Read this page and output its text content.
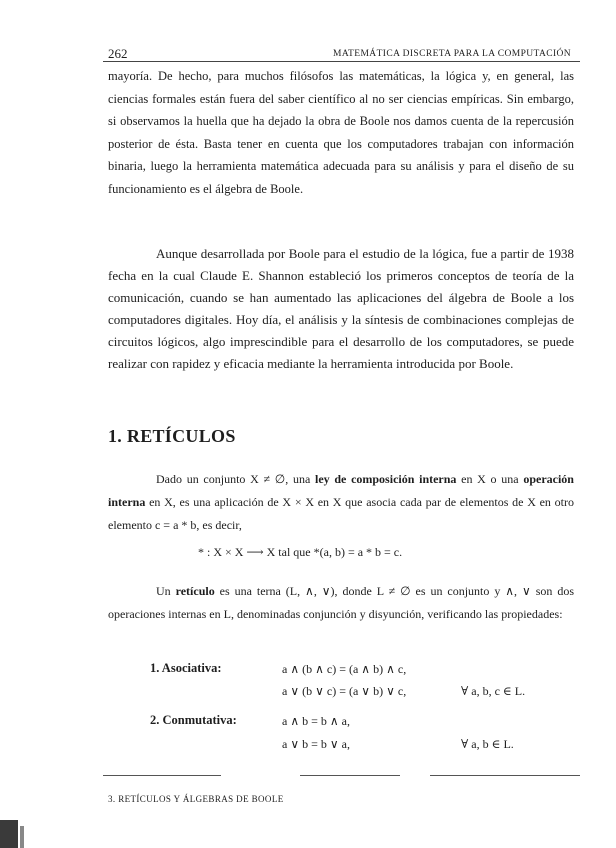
262	MATEMÁTICA DISCRETA PARA LA COMPUTACIÓN
mayoría. De hecho, para muchos filósofos las matemáticas, la lógica y, en general, las ciencias formales están fuera del saber científico al no ser ciencias empíricas. Sin embargo, si observamos la huella que ha dejado la obra de Boole nos damos cuenta de la repercusión posterior de ésta. Basta tener en cuenta que los computadores trabajan con información binaria, luego la herramienta matemática adecuada para su análisis y para el diseño de su funcionamiento es el álgebra de Boole.
Aunque desarrollada por Boole para el estudio de la lógica, fue a partir de 1938 fecha en la cual Claude E. Shannon estableció los primeros conceptos de teoría de la comunicación, cuando se han aumentado las aplicaciones del álgebra de Boole a los computadores digitales. Hoy día, el análisis y la síntesis de combinaciones complejas de circuitos lógicos, algo imprescindible para el desarrollo de los computadores, se puede realizar con rapidez y eficacia mediante la herramienta introducida por Boole.
1. RETÍCULOS
Dado un conjunto X ≠ ∅, una ley de composición interna en X o una operación interna en X, es una aplicación de X × X en X que asocia cada par de elementos de X en otro elemento c = a * b, es decir,
* : X × X ⟶ X tal que *(a, b) = a * b = c.
Un retículo es una terna (L, ∧, ∨), donde L ≠ ∅ es un conjunto y ∧, ∨ son dos operaciones internas en L, denominadas conjunción y disyunción, verificando las propiedades:
1. Asociativa:	a ∧ (b ∧ c) = (a ∧ b) ∧ c,
a ∨ (b ∨ c) = (a ∨ b) ∨ c,	∀ a, b, c ∈ L.
2. Conmutativa:	a ∧ b = b ∧ a,
a ∨ b = b ∨ a,	∀ a, b ∈ L.
3. RETÍCULOS Y ÁLGEBRAS DE BOOLE
